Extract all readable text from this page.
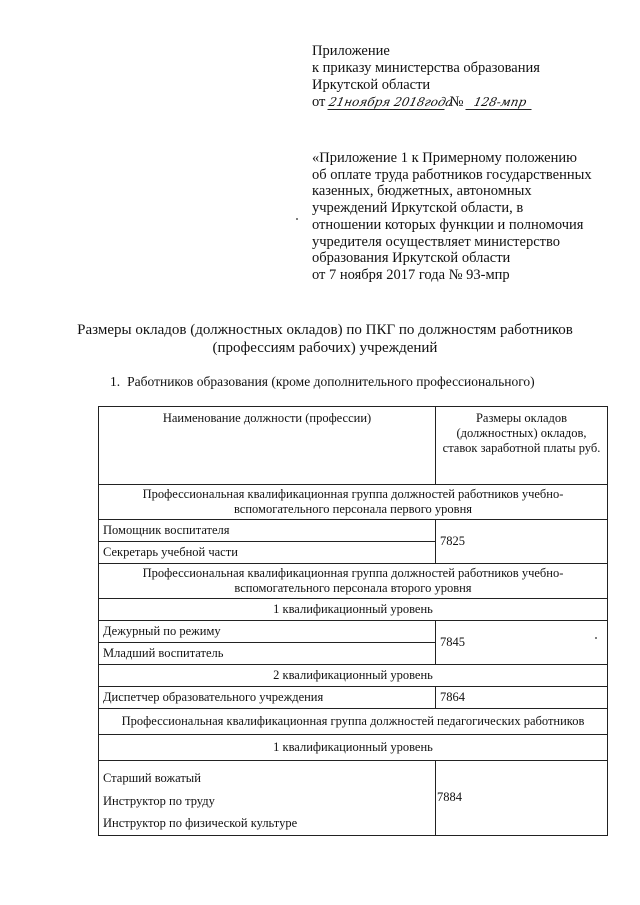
Приложение
к приказу министерства образования
Иркутской области
от 21ноября 2018года № 128-мпр
«Приложение 1 к Примерному положению
об оплате труда работников государственных
казенных, бюджетных, автономных
учреждений Иркутской области, в
отношении которых функции и полномочия
учредителя осуществляет министерство
образования Иркутской области
от 7 ноября 2017 года № 93-мпр
Размеры окладов (должностных окладов) по ПКГ по должностям работников
(профессиям рабочих) учреждений
1. Работников образования (кроме дополнительного профессионального)
Наименование должности (профессии)	Размеры окладов (должностных) окладов, ставок заработной платы руб.
Профессиональная квалификационная группа должностей работников учебно-вспомогательного персонала первого уровня	
Помощник воспитателя	7825
Секретарь учебной части	
Профессиональная квалификационная группа должностей работников учебно-вспомогательного персонала второго уровня	
1 квалификационный уровень	
Дежурный по режиму	7845
Младший воспитатель	
2 квалификационный уровень	
Диспетчер образовательного учреждения	7864
Профессиональная квалификационная группа должностей педагогических работников	
1 квалификационный уровень	

Старший вожатый
Инструктор по труду
Инструктор по физической культуре	7884
